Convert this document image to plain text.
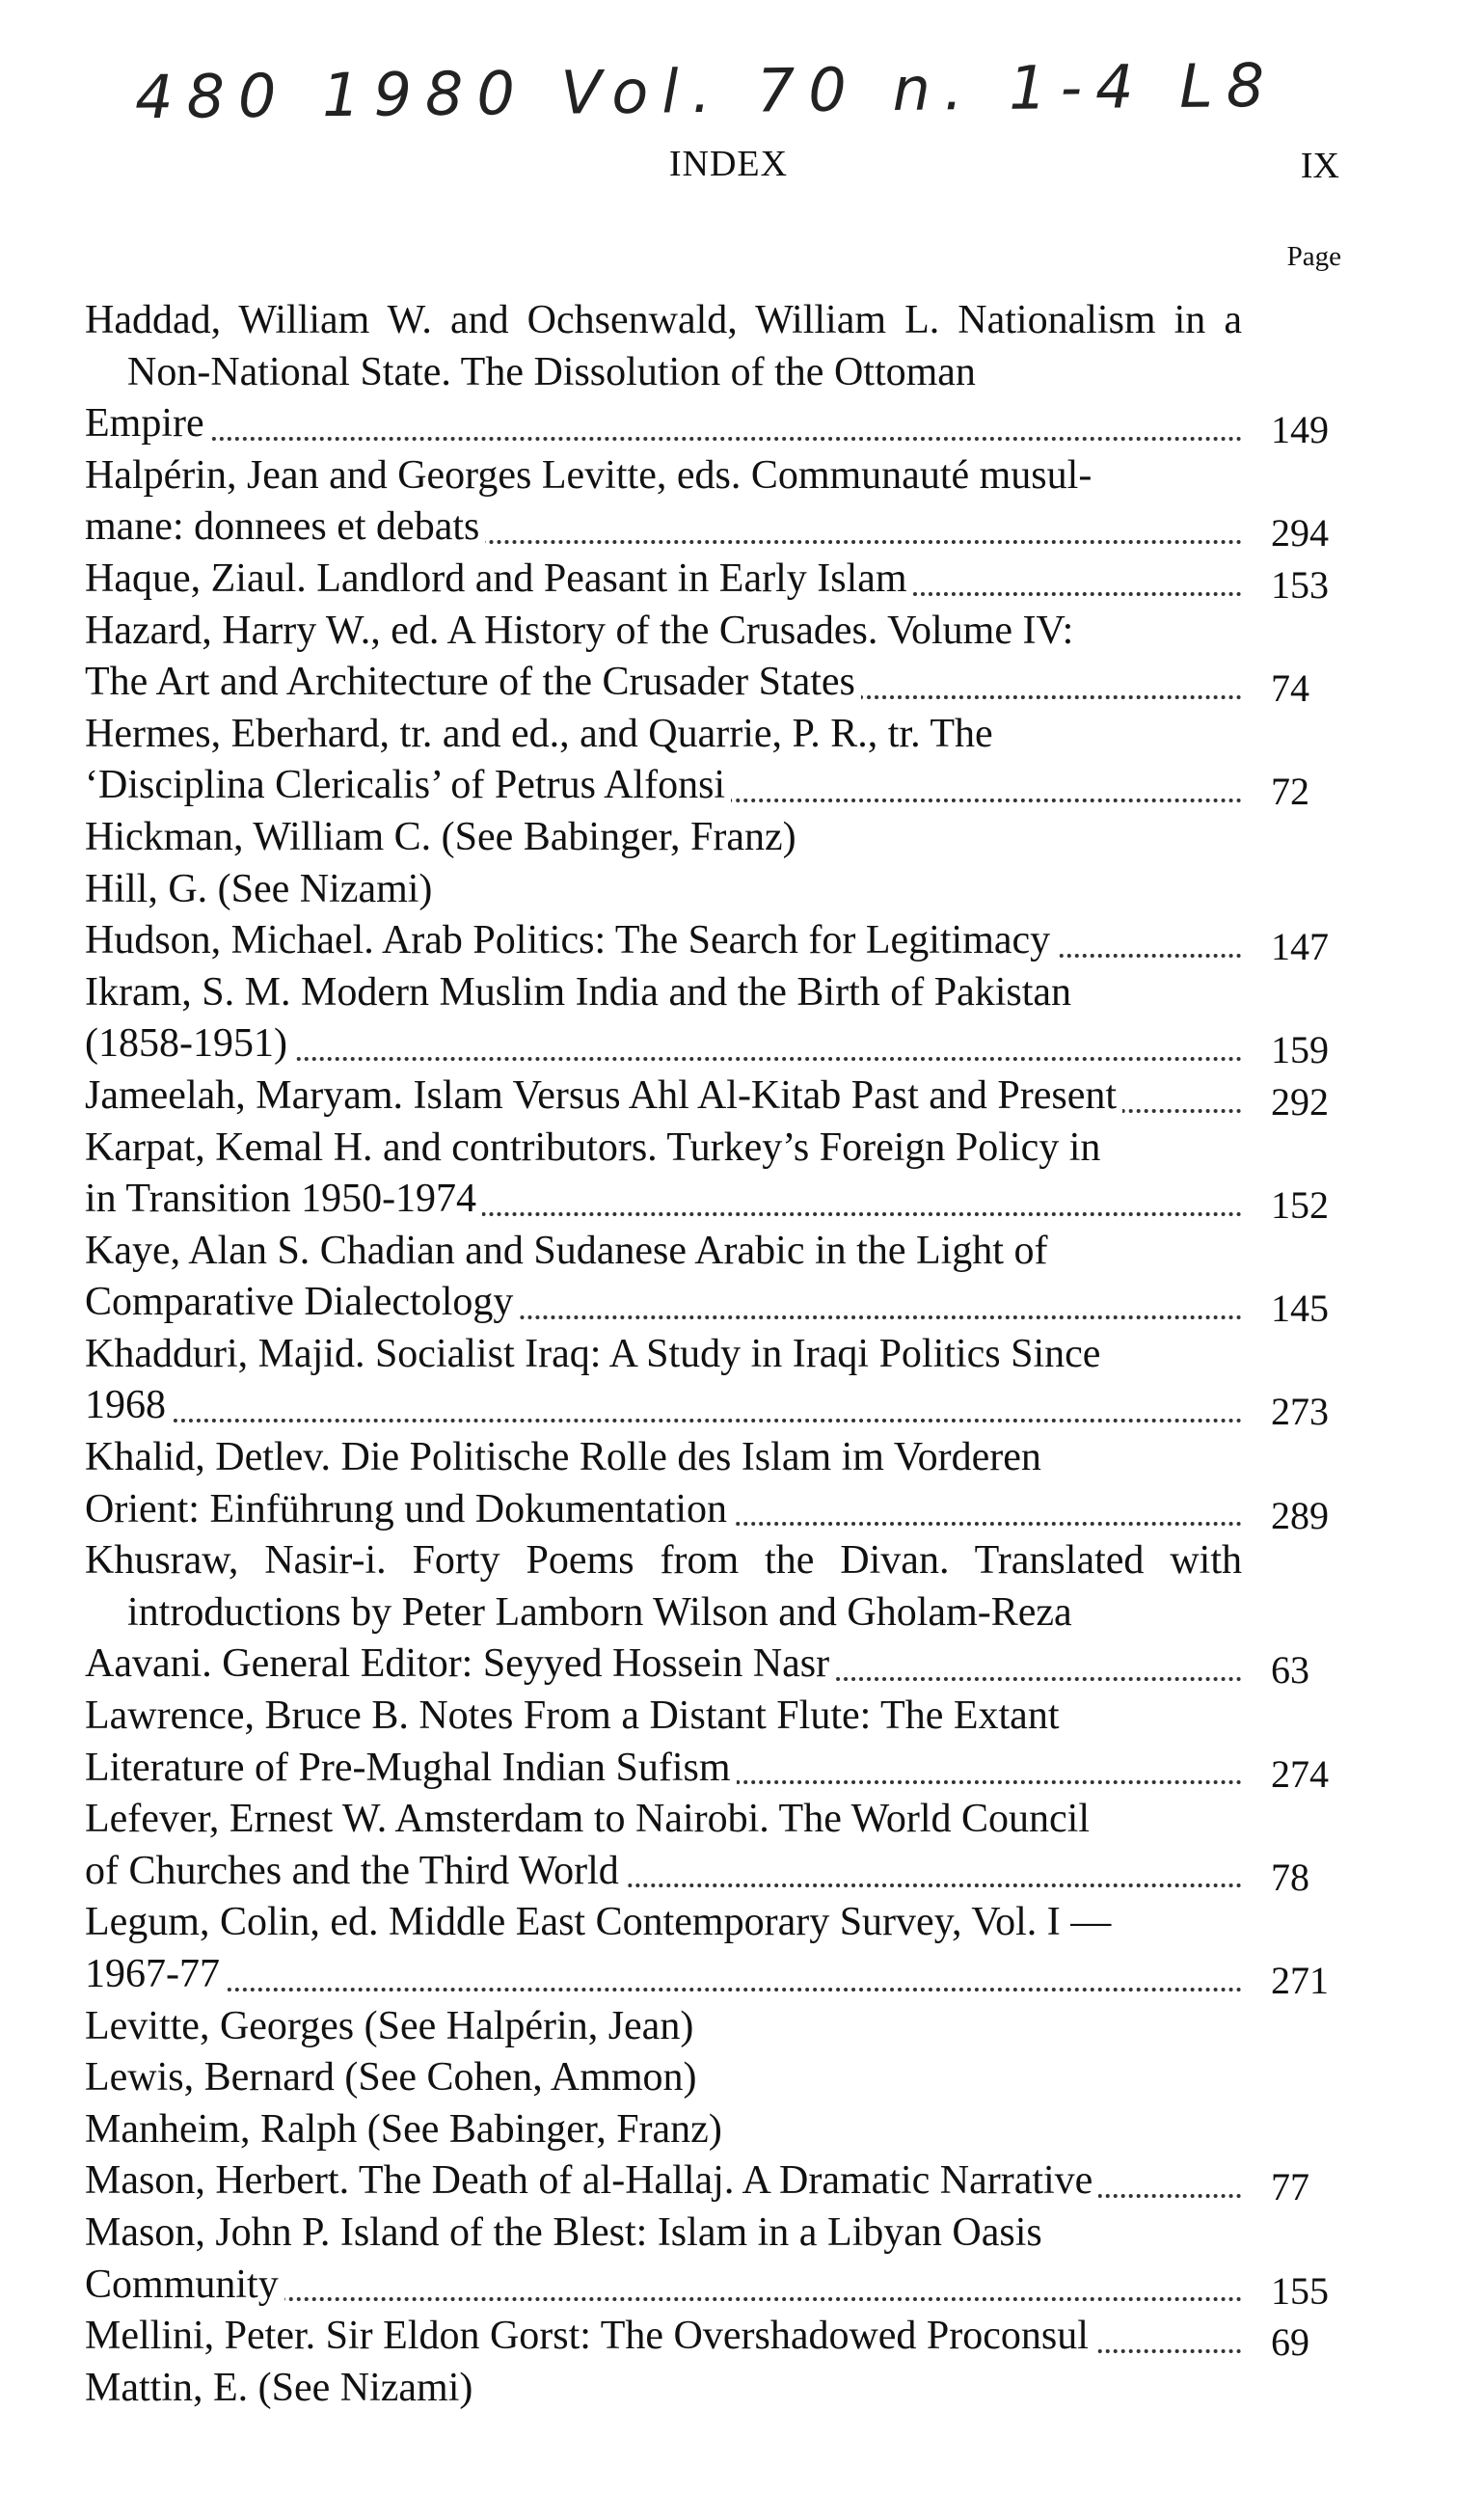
480 1980 Vol. 70 n. 1-4 L8
INDEX	IX
Page

Haddad, William W. and Ochsenwald, William L. Nationalism in a Non-National State. The Dissolution of the Ottoman
Empire	149

Halpérin, Jean and Georges Levitte, eds. Communauté musul-
mane: donnees et debats	294

Haque, Ziaul. Landlord and Peasant in Early Islam	153

Hazard, Harry W., ed. A History of the Crusades. Volume IV:
The Art and Architecture of the Crusader States	74

Hermes, Eberhard, tr. and ed., and Quarrie, P. R., tr. The
‘Disciplina Clericalis’ of Petrus Alfonsi	72

Hickman, William C. (See Babinger, Franz)

Hill, G. (See Nizami)

Hudson, Michael. Arab Politics: The Search for Legitimacy	147

Ikram, S. M. Modern Muslim India and the Birth of Pakistan
(1858-1951)	159

Jameelah, Maryam. Islam Versus Ahl Al-Kitab Past and Present	292

Karpat, Kemal H. and contributors. Turkey’s Foreign Policy in
in Transition 1950-1974	152

Kaye, Alan S. Chadian and Sudanese Arabic in the Light of
Comparative Dialectology	145

Khadduri, Majid. Socialist Iraq: A Study in Iraqi Politics Since
1968	273

Khalid, Detlev. Die Politische Rolle des Islam im Vorderen
Orient: Einführung und Dokumentation	289

Khusraw, Nasir-i. Forty Poems from the Divan. Translated with introductions by Peter Lamborn Wilson and Gholam-Reza
Aavani. General Editor: Seyyed Hossein Nasr	63

Lawrence, Bruce B. Notes From a Distant Flute: The Extant
Literature of Pre-Mughal Indian Sufism	274

Lefever, Ernest W. Amsterdam to Nairobi. The World Council
of Churches and the Third World	78

Legum, Colin, ed. Middle East Contemporary Survey, Vol. I —
1967-77	271

Levitte, Georges (See Halpérin, Jean)

Lewis, Bernard (See Cohen, Ammon)

Manheim, Ralph (See Babinger, Franz)

Mason, Herbert. The Death of al-Hallaj. A Dramatic Narrative	77

Mason, John P. Island of the Blest: Islam in a Libyan Oasis
Community	155

Mellini, Peter. Sir Eldon Gorst: The Overshadowed Proconsul	69

Mattin, E. (See Nizami)
